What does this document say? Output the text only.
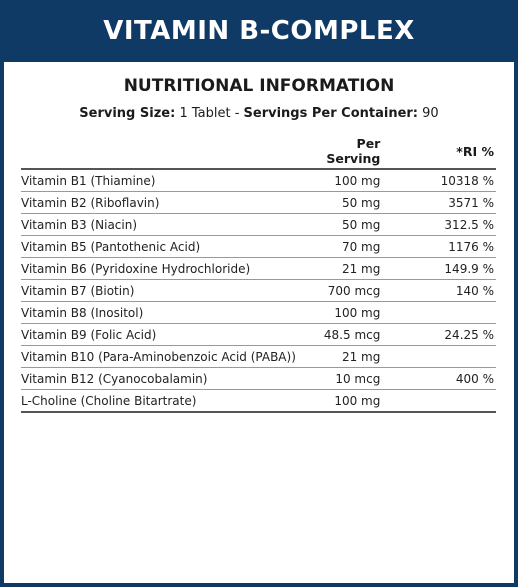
VITAMIN B-COMPLEX
NUTRITIONAL INFORMATION
Serving Size: 1 Tablet - Servings Per Container: 90
	Per Serving	*RI %
Vitamin B1 (Thiamine)	100 mg	10318 %
Vitamin B2 (Riboflavin)	50 mg	3571 %
Vitamin B3 (Niacin)	50 mg	312.5 %
Vitamin B5 (Pantothenic Acid)	70 mg	1176 %
Vitamin B6 (Pyridoxine Hydrochloride)	21 mg	149.9 %
Vitamin B7 (Biotin)	700 mcg	140 %
Vitamin B8 (Inositol)	100 mg	
Vitamin B9 (Folic Acid)	48.5 mcg	24.25 %
Vitamin B10 (Para-Aminobenzoic Acid (PABA))	21 mg	
Vitamin B12 (Cyanocobalamin)	10 mcg	400 %
L-Choline (Choline Bitartrate)	100 mg	
